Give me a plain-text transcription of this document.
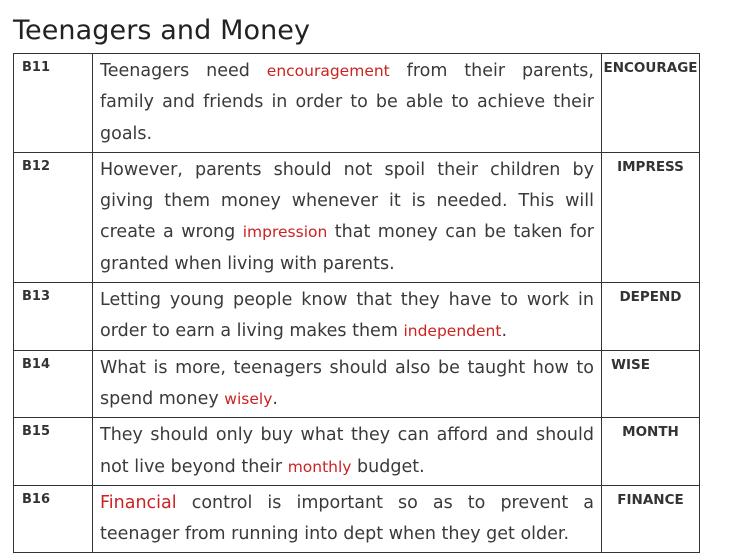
Teenagers and Money
B11	Teenagers need encouragement from their parents, family and friends in order to be able to achieve their goals.	ENCOURAGE
B12	However, parents should not spoil their children by giving them money whenever it is needed. This will create a wrong impression that money can be taken for granted when living with parents.	IMPRESS
B13	Letting young people know that they have to work in order to earn a living makes them independent.	DEPEND
B14	What is more, teenagers should also be taught how to spend money wisely.	WISE
B15	They should only buy what they can afford and should not live beyond their monthly budget.	MONTH
B16	Financial control is important so as to prevent a teenager from running into dept when they get older.	FINANCE
